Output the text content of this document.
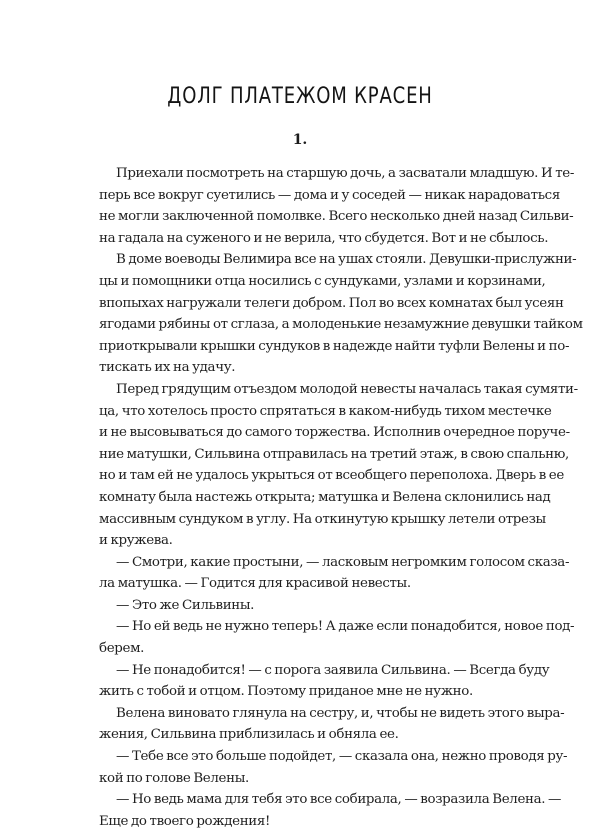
ДОЛГ ПЛАТЕЖОМ КРАСЕН
1.
Приехали посмотреть на старшую дочь, а засватали младшую. И те-
перь все вокруг суетились — дома и у соседей — никак нарадоваться
не могли заключенной помолвке. Всего несколько дней назад Сильви-
на гадала на суженого и не верила, что сбудется. Вот и не сбылось.
В доме воеводы Велимира все на ушах стояли. Девушки-прислужни-
цы и помощники отца носились с сундуками, узлами и корзинами,
впопыхах нагружали телеги добром. Пол во всех комнатах был усеян
ягодами рябины от сглаза, а молоденькие незамужние девушки тайком
приоткрывали крышки сундуков в надежде найти туфли Велены и по-
тискать их на удачу.
Перед грядущим отъездом молодой невесты началась такая сумяти-
ца, что хотелось просто спрятаться в каком-нибудь тихом местечке
и не высовываться до самого торжества. Исполнив очередное поруче-
ние матушки, Сильвина отправилась на третий этаж, в свою спальню,
но и там ей не удалось укрыться от всеобщего переполоха. Дверь в ее
комнату была настежь открыта; матушка и Велена склонились над
массивным сундуком в углу. На откинутую крышку летели отрезы
и кружева.
— Смотри, какие простыни, — ласковым негромким голосом сказа-
ла матушка. — Годится для красивой невесты.
— Это же Сильвины.
— Но ей ведь не нужно теперь! А даже если понадобится, новое под-
берем.
— Не понадобится! — с порога заявила Сильвина. — Всегда буду
жить с тобой и отцом. Поэтому приданое мне не нужно.
Велена виновато глянула на сестру, и, чтобы не видеть этого выра-
жения, Сильвина приблизилась и обняла ее.
— Тебе все это больше подойдет, — сказала она, нежно проводя ру-
кой по голове Велены.
— Но ведь мама для тебя это все собирала, — возразила Велена. —
Еще до твоего рождения!
